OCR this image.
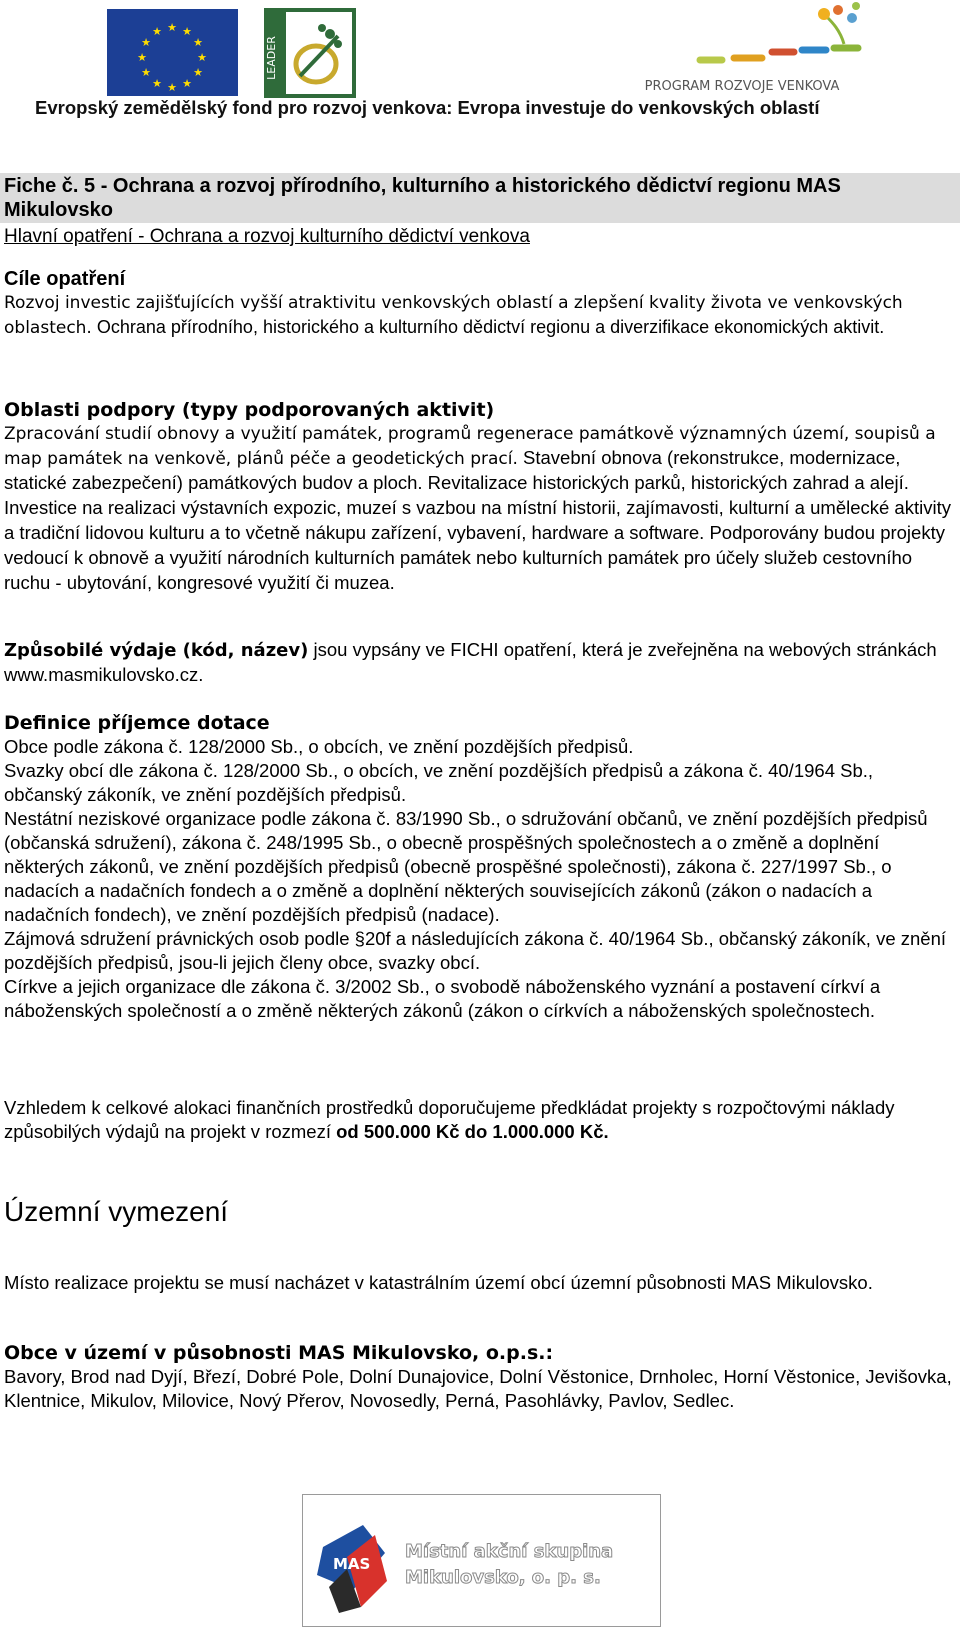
★ ★
★
★
★
★
★
★
★
★
★
★
LEADER
PROGRAM ROZVOJE VENKOVA
Evropský zemědělský fond pro rozvoj venkova: Evropa investuje do venkovských oblastí
Fiche č. 5 - Ochrana a rozvoj přírodního, kulturního a historického dědictví regionu MAS Mikulovsko
Hlavní opatření - Ochrana a rozvoj kulturního dědictví venkova
Cíle opatření
Rozvoj investic zajišťujících vyšší atraktivitu venkovských oblastí a zlepšení kvality života ve venkovských oblastech. Ochrana přírodního, historického a kulturního dědictví regionu a diverzifikace ekonomických aktivit.
Oblasti podpory (typy podporovaných aktivit)
Zpracování studií obnovy a využití památek, programů regenerace památkově významných území, soupisů a map památek na venkově, plánů péče a geodetických prací. Stavební obnova (rekonstrukce, modernizace, statické zabezpečení) památkových budov a ploch. Revitalizace historických parků, historických zahrad a alejí. Investice na realizaci výstavních expozic, muzeí s vazbou na místní historii, zajímavosti, kulturní a umělecké aktivity a tradiční lidovou kulturu a to včetně nákupu zařízení, vybavení, hardware a software. Podporovány budou projekty vedoucí k obnově a využití národních kulturních památek nebo kulturních památek pro účely služeb cestovního ruchu - ubytování, kongresové využití či muzea.
Způsobilé výdaje (kód, název) jsou vypsány ve FICHI opatření, která je zveřejněna na webových stránkách www.masmikulovsko.cz.
Definice příjemce dotace
Obce podle zákona č. 128/2000 Sb., o obcích, ve znění pozdějších předpisů.
Svazky obcí dle zákona č. 128/2000 Sb., o obcích, ve znění pozdějších předpisů a zákona č. 40/1964 Sb., občanský zákoník, ve znění pozdějších předpisů.
Nestátní neziskové organizace podle zákona č. 83/1990 Sb., o sdružování občanů, ve znění pozdějších předpisů (občanská sdružení), zákona č. 248/1995 Sb., o obecně prospěšných společnostech a o změně a doplnění některých zákonů, ve znění pozdějších předpisů (obecně prospěšné společnosti), zákona č. 227/1997 Sb., o nadacích a nadačních fondech a o změně a doplnění některých souvisejících zákonů (zákon o nadacích a nadačních fondech), ve znění pozdějších předpisů (nadace).
Zájmová sdružení právnických osob podle §20f a následujících zákona č. 40/1964 Sb., občanský zákoník, ve znění pozdějších předpisů, jsou-li jejich členy obce, svazky obcí.
Církve a jejich organizace dle zákona č. 3/2002 Sb., o svobodě náboženského vyznání a postavení církví a náboženských společností a o změně některých zákonů (zákon o církvích a náboženských společnostech.
Vzhledem k celkové alokaci finančních prostředků doporučujeme předkládat projekty s rozpočtovými náklady způsobilých výdajů na projekt v rozmezí od 500.000 Kč do 1.000.000 Kč.
Územní vymezení
Místo realizace projektu se musí nacházet v katastrálním území obcí územní působnosti MAS Mikulovsko.
Obce v území v působnosti MAS Mikulovsko, o.p.s.:
Bavory, Brod nad Dyjí, Březí, Dobré Pole, Dolní Dunajovice, Dolní Věstonice, Drnholec, Horní Věstonice, Jevišovka, Klentnice, Mikulov, Milovice, Nový Přerov, Novosedly, Perná, Pasohlávky, Pavlov, Sedlec.
MAS
Místní akční skupina
Mikulovsko, o. p. s.
